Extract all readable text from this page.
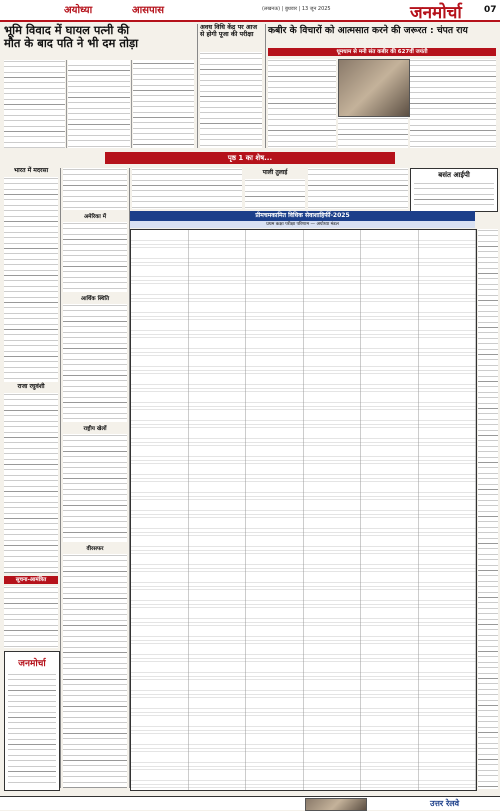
अयोध्या	आसपास	(लखनऊ) | बुधवार | 13 जून 2025	जनमोर्चा 07
भूमि विवाद में घायल पत्नी की
मौत के बाद पति ने भी दम तोड़ा
अवध विधि केंद्र पर आज से होगी पूजा की परीक्षा	कबीर के विचारों को आत्मसात करने की जरूरत : चंपत राय
धूमधाम से मनी संत कबीर की 627वीं जयंती
पृष्ठ 1 का शेष...
भारत में मदरसा
राजा रघुवंशी
सूचना-आमंत्रित
जनमोर्चा
अमेरिका में
आर्थिक स्थिति
राष्ट्रीय खेलों
वीरसफर
पाली तुलाई	बसंत आईपी
प्रीमचमकामित विधिक सेवाशाहिर्फी-2025
प्रथम कक्षा परीक्षा परिणाम — अयोध्या मंडल
उत्तर रेलवे
